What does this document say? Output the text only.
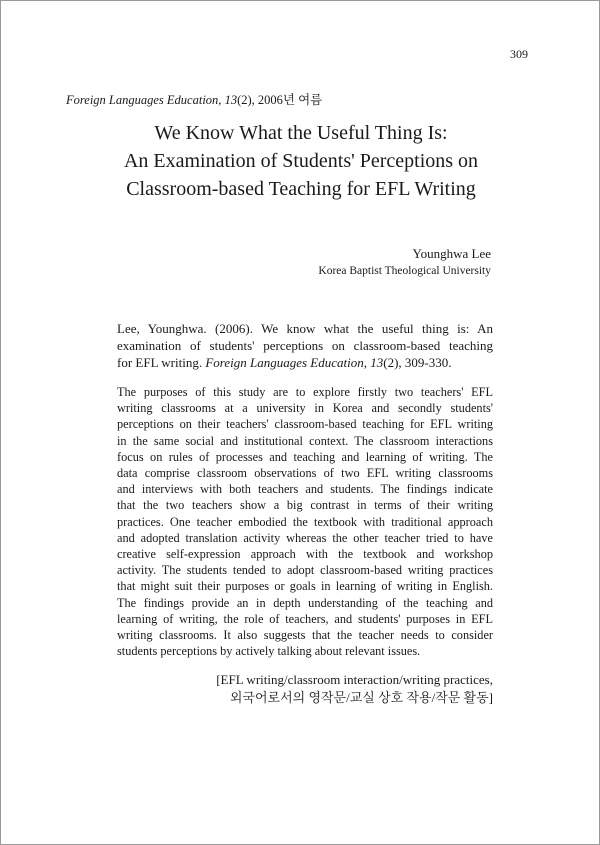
309
Foreign Languages Education, 13(2), 2006년 여름
We Know What the Useful Thing Is:
An Examination of Students' Perceptions on
Classroom-based Teaching for EFL Writing
Younghwa Lee
Korea Baptist Theological University
Lee, Younghwa. (2006). We know what the useful thing is: An
examination of students' perceptions on classroom-based teaching
for EFL writing. Foreign Languages Education, 13(2), 309-330.
The purposes of this study are to explore firstly two teachers' EFL
writing classrooms at a university in Korea and secondly students'
perceptions on their teachers' classroom-based teaching for EFL writing
in the same social and institutional context. The classroom interactions
focus on rules of processes and teaching and learning of writing. The
data comprise classroom observations of two EFL writing classrooms
and interviews with both teachers and students. The findings indicate
that the two teachers show a big contrast in terms of their writing
practices. One teacher embodied the textbook with traditional approach
and adopted translation activity whereas the other teacher tried to have
creative self-expression approach with the textbook and workshop
activity. The students tended to adopt classroom-based writing practices
that might suit their purposes or goals in learning of writing in English.
The findings provide an in depth understanding of the teaching and
learning of writing, the role of teachers, and students' purposes in EFL
writing classrooms. It also suggests that the teacher needs to consider
students perceptions by actively talking about relevant issues.
[EFL writing/classroom interaction/writing practices,
외국어로서의 영작문/교실 상호 작용/작문 활동]
